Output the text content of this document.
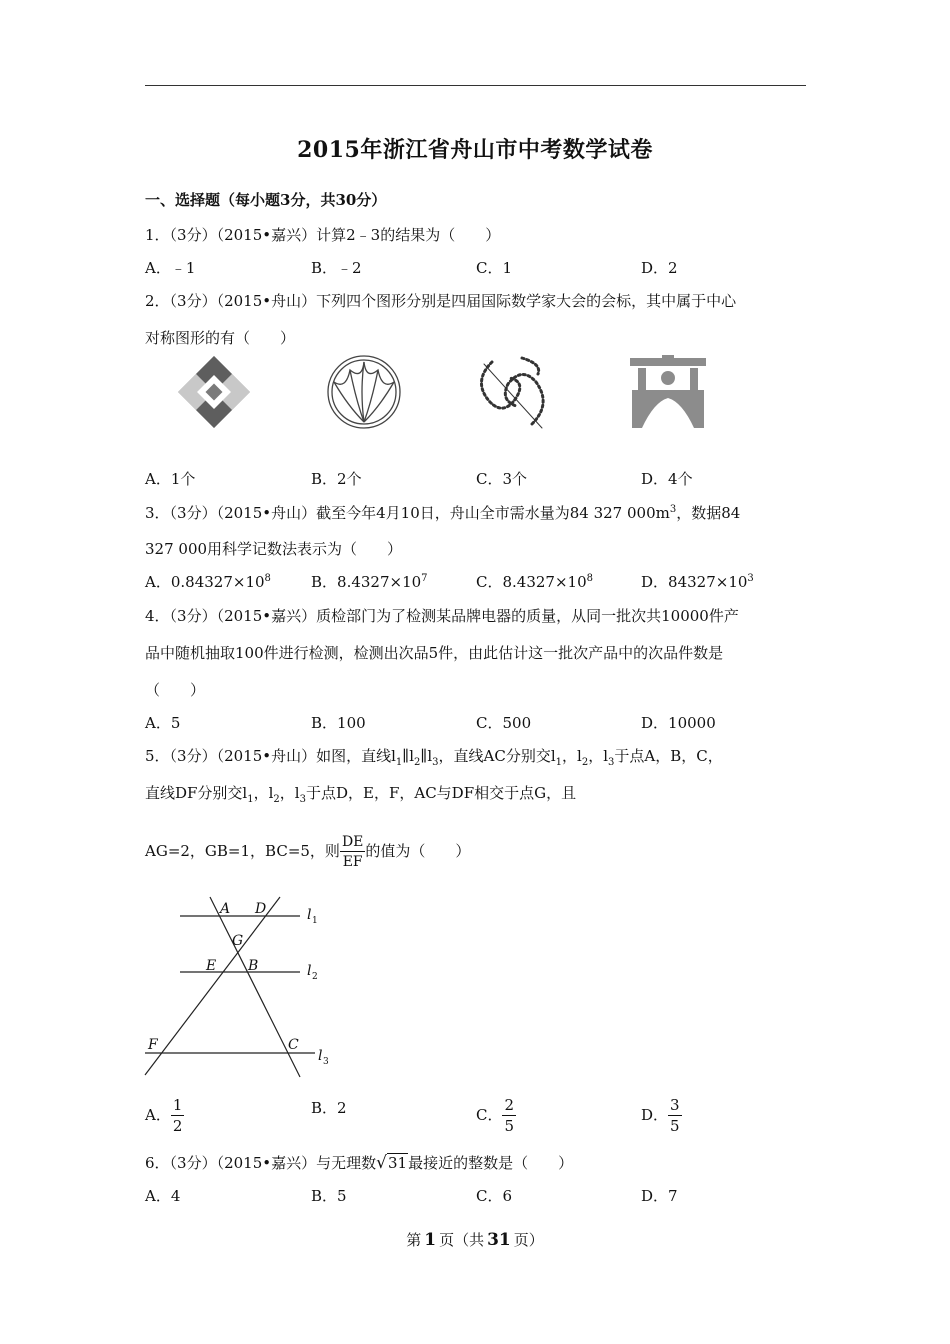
2015年浙江省舟山市中考数学试卷
一、选择题（每小题3分，共30分）
1．（3分）（2015•嘉兴）计算2﹣3的结果为（　　）
A．﹣1	B．﹣2	C．1	D．2
2．（3分）（2015•舟山）下列四个图形分别是四届国际数学家大会的会标，其中属于中心
对称图形的有（　　）
A．1个	B．2个	C．3个	D．4个
3．（3分）（2015•舟山）截至今年4月10日，舟山全市需水量为84 327 $000m^3$，数据84
327 000用科学记数法表示为（　　）
A．$0.84327\times 10^8$	B．$8.4327\times 10^7$	C．$8.4327\times 10^8$	D．$84327\times 10^3$
4．（3分）（2015•嘉兴）质检部门为了检测某品牌电器的质量，从同一批次共10000件产
品中随机抽取100件进行检测，检测出次品5件，由此估计这一批次产品中的次品件数是
（　　）
A．5	B．100	C．500	D．10000
5．（3分）（2015•舟山）如图，直线$l_1\parallel l_2\parallel l_3$，直线AC分别交$l_1$，$l_2$，$l_3$于点A，B，C，
直线DF分别交$l_1$，$l_2$，$l_3$于点D，E，F，AC与DF相交于点G，且
AG=2，GB=1，BC=5，则 $\frac{DE}{EF}$ 的值为（　　）
A D
G
E B
F	C
l
l
l
1
2
3
A． $\frac{1}{2}$	B．2	C． $\frac{2}{5}$	D． $\frac{3}{5}$
6．（3分）（2015•嘉兴）与无理数√31最接近的整数是（　　）
A．4	B．5	C．6	D．7
第 1 页（共 31 页）
